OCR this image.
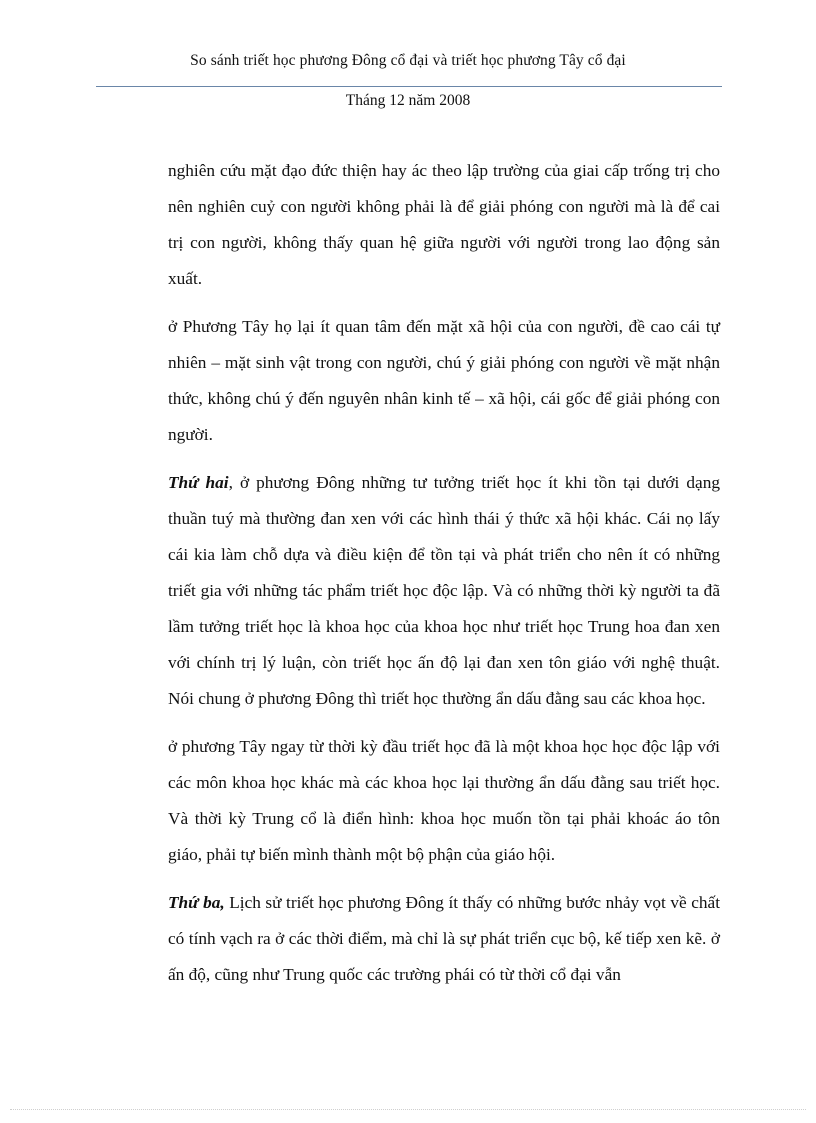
So sánh triết học phương Đông cổ đại và triết học phương Tây cổ đại
Tháng 12 năm 2008

nghiên cứu mặt đạo đức thiện hay ác theo lập trường của giai cấp trống trị cho nên nghiên cuỷ con người không phải là để giải phóng con người mà là để cai trị con người, không thấy quan hệ giữa người với người trong lao động sản xuất.

ở Phương Tây họ lại ít quan tâm đến mặt xã hội của con người, đề cao cái tự nhiên – mặt sinh vật trong con người, chú ý giải phóng con người về mặt nhận thức, không chú ý đến nguyên nhân kinh tế – xã hội, cái gốc để giải phóng con người.

Thứ hai, ở phương Đông những tư tưởng triết học ít khi tồn tại dưới dạng thuần tuý mà thường đan xen với các hình thái ý thức xã hội khác. Cái nọ lấy cái kia làm chỗ dựa và điều kiện để tồn tại và phát triển cho nên ít có những triết gia với những tác phẩm triết học độc lập. Và có những thời kỳ người ta đã lầm tưởng triết học là khoa học của khoa học như triết học Trung hoa đan xen với chính trị lý luận, còn triết học ấn độ lại đan xen tôn giáo với nghệ thuật. Nói chung ở phương Đông thì triết học thường ẩn dấu đằng sau các khoa học.

ở phương Tây ngay từ thời kỳ đầu triết học đã là một khoa học học độc lập với các môn khoa học khác mà các khoa học lại thường ẩn dấu đằng sau triết học. Và thời kỳ Trung cổ là điển hình: khoa học muốn tồn tại phải khoác áo tôn giáo, phải tự biến mình thành một bộ phận của giáo hội.

Thứ ba, Lịch sử triết học phương Đông ít thấy có những bước nhảy vọt về chất có tính vạch ra ở các thời điểm, mà chỉ là sự phát triển cục bộ, kế tiếp xen kẽ. ở ấn độ, cũng như Trung quốc các trường phái có từ thời cổ đại vẫn
